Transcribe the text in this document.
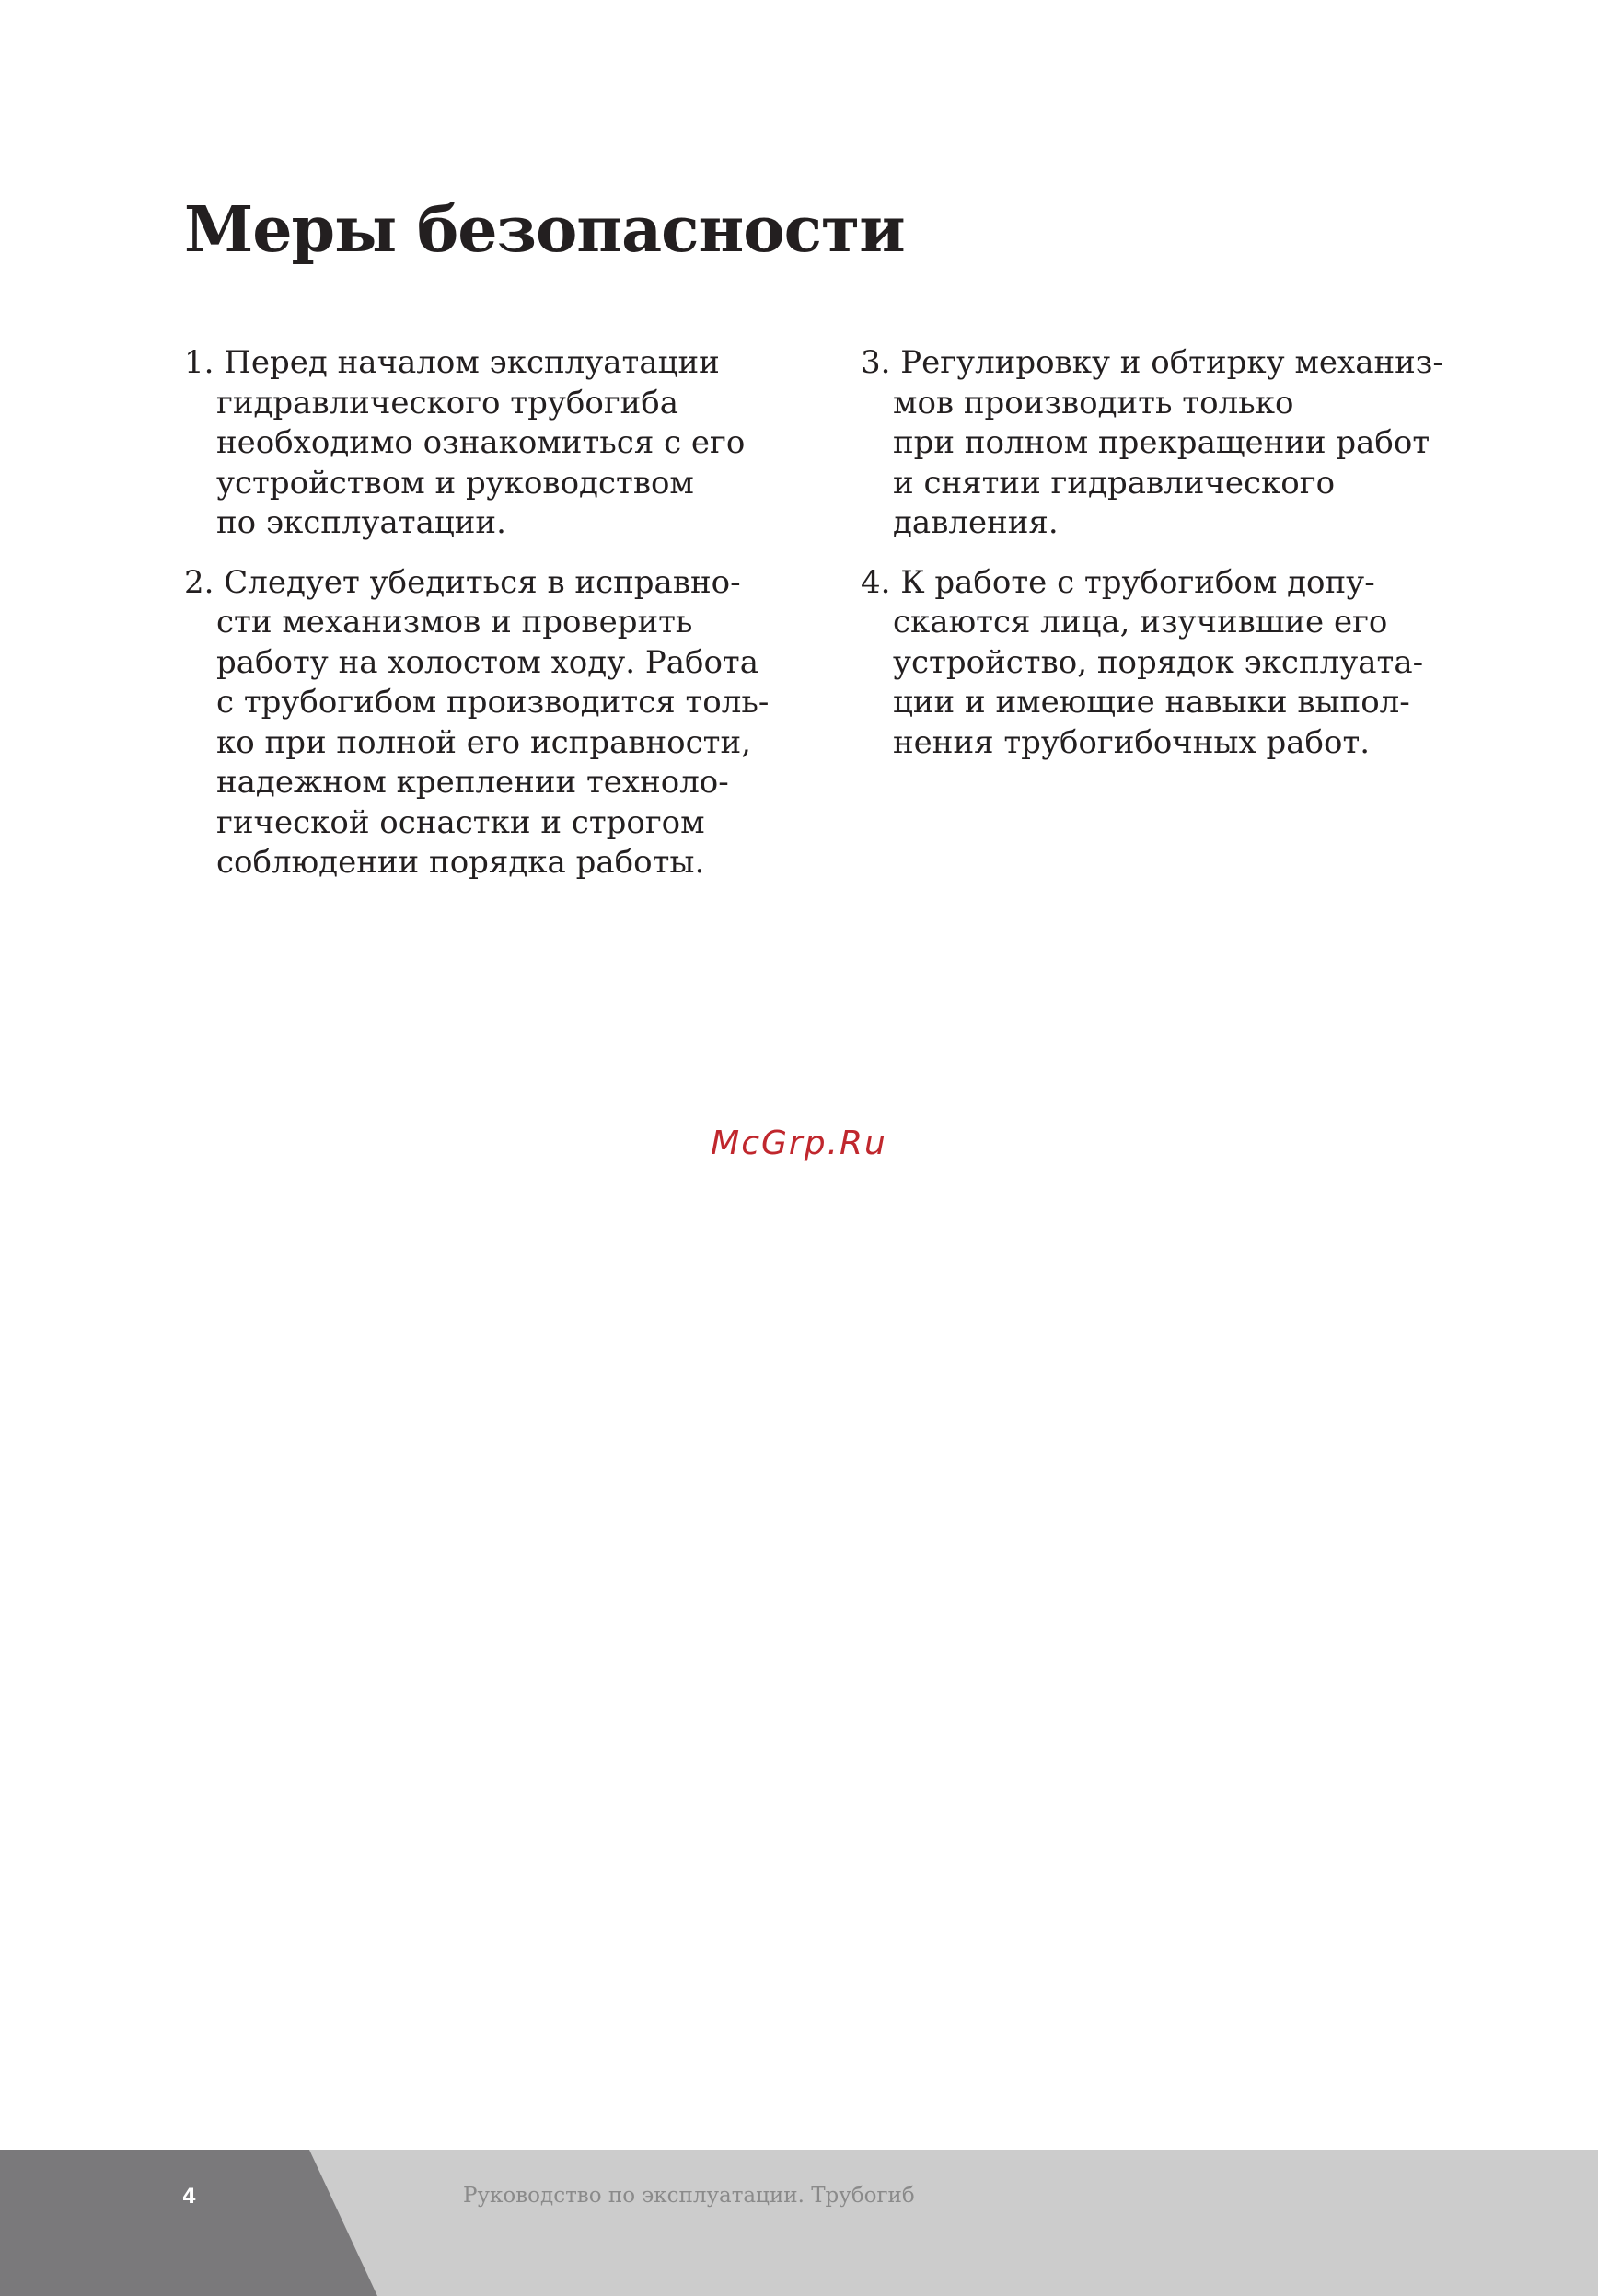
Меры безопасности

1. Перед началом эксплуатации
гидравлического трубогиба
необходимо ознакомиться с его
устройством и руководством
по эксплуатации.

2. Следует убедиться в исправно-
сти механизмов и проверить
работу на холостом ходу. Работа
с трубогибом производится толь-
ко при полной его исправности,
надежном креплении техноло-
гической оснастки и строгом
соблюдении порядка работы.

3. Регулировку и обтирку механиз-
мов производить только
при полном прекращении работ
и снятии гидравлического
давления.

4. К работе с трубогибом допу-
скаются лица, изучившие его
устройство, порядок эксплуата-
ции и имеющие навыки выпол-
нения трубогибочных работ.

McGrp.Ru
4	Руководство по эксплуатации. Трубогиб
